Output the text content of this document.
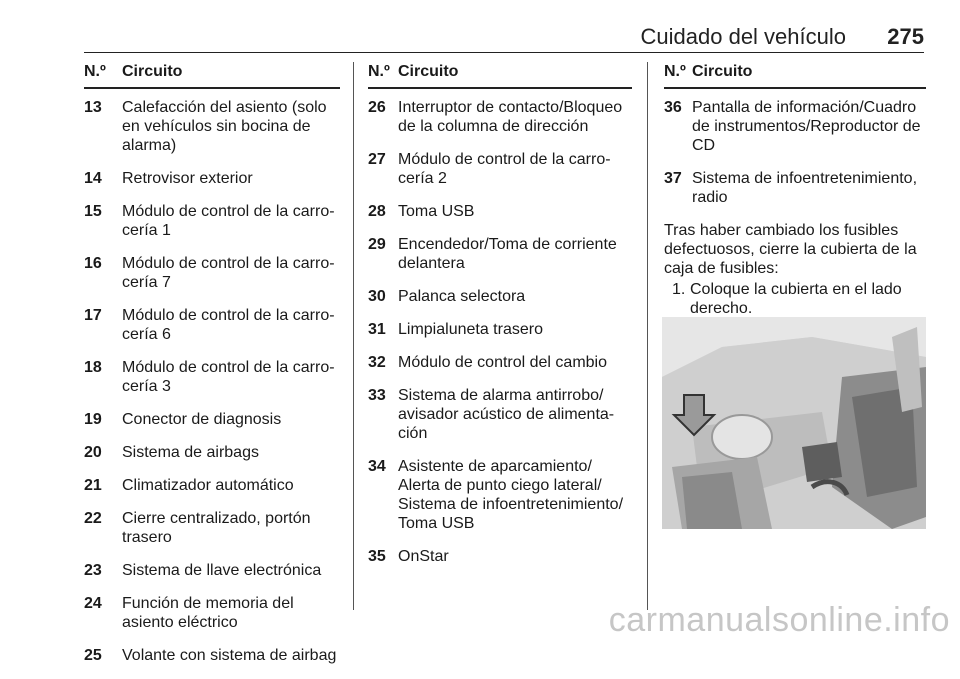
Cuidado del vehículo 275
N.º	Circuito
13	Calefacción del asiento (solo en vehículos sin bocina de alarma)
14	Retrovisor exterior
15	Módulo de control de la carro-cería 1
16	Módulo de control de la carro-cería 7
17	Módulo de control de la carro-cería 6
18	Módulo de control de la carro-cería 3
19	Conector de diagnosis
20	Sistema de airbags
21	Climatizador automático
22	Cierre centralizado, portón trasero
23	Sistema de llave electrónica
24	Función de memoria del asiento eléctrico
25	Volante con sistema de airbag
N.º Circuito
26 Interruptor de contacto/Bloqueo de la columna de dirección
27 Módulo de control de la carro-cería 2
28 Toma USB
29 Encendedor/Toma de corriente delantera
30 Palanca selectora
31 Limpialuneta trasero
32 Módulo de control del cambio
33 Sistema de alarma antirrobo/ avisador acústico de alimenta-ción
34 Asistente de aparcamiento/ Alerta de punto ciego lateral/ Sistema de infoentretenimiento/ Toma USB
35 OnStar
N.º Circuito
36 Pantalla de información/Cuadro de instrumentos/Reproductor de CD
37 Sistema de infoentretenimiento, radio
Tras haber cambiado los fusibles defectuosos, cierre la cubierta de la caja de fusibles:
1. Coloque la cubierta en el lado derecho.
carmanualsonline.info
